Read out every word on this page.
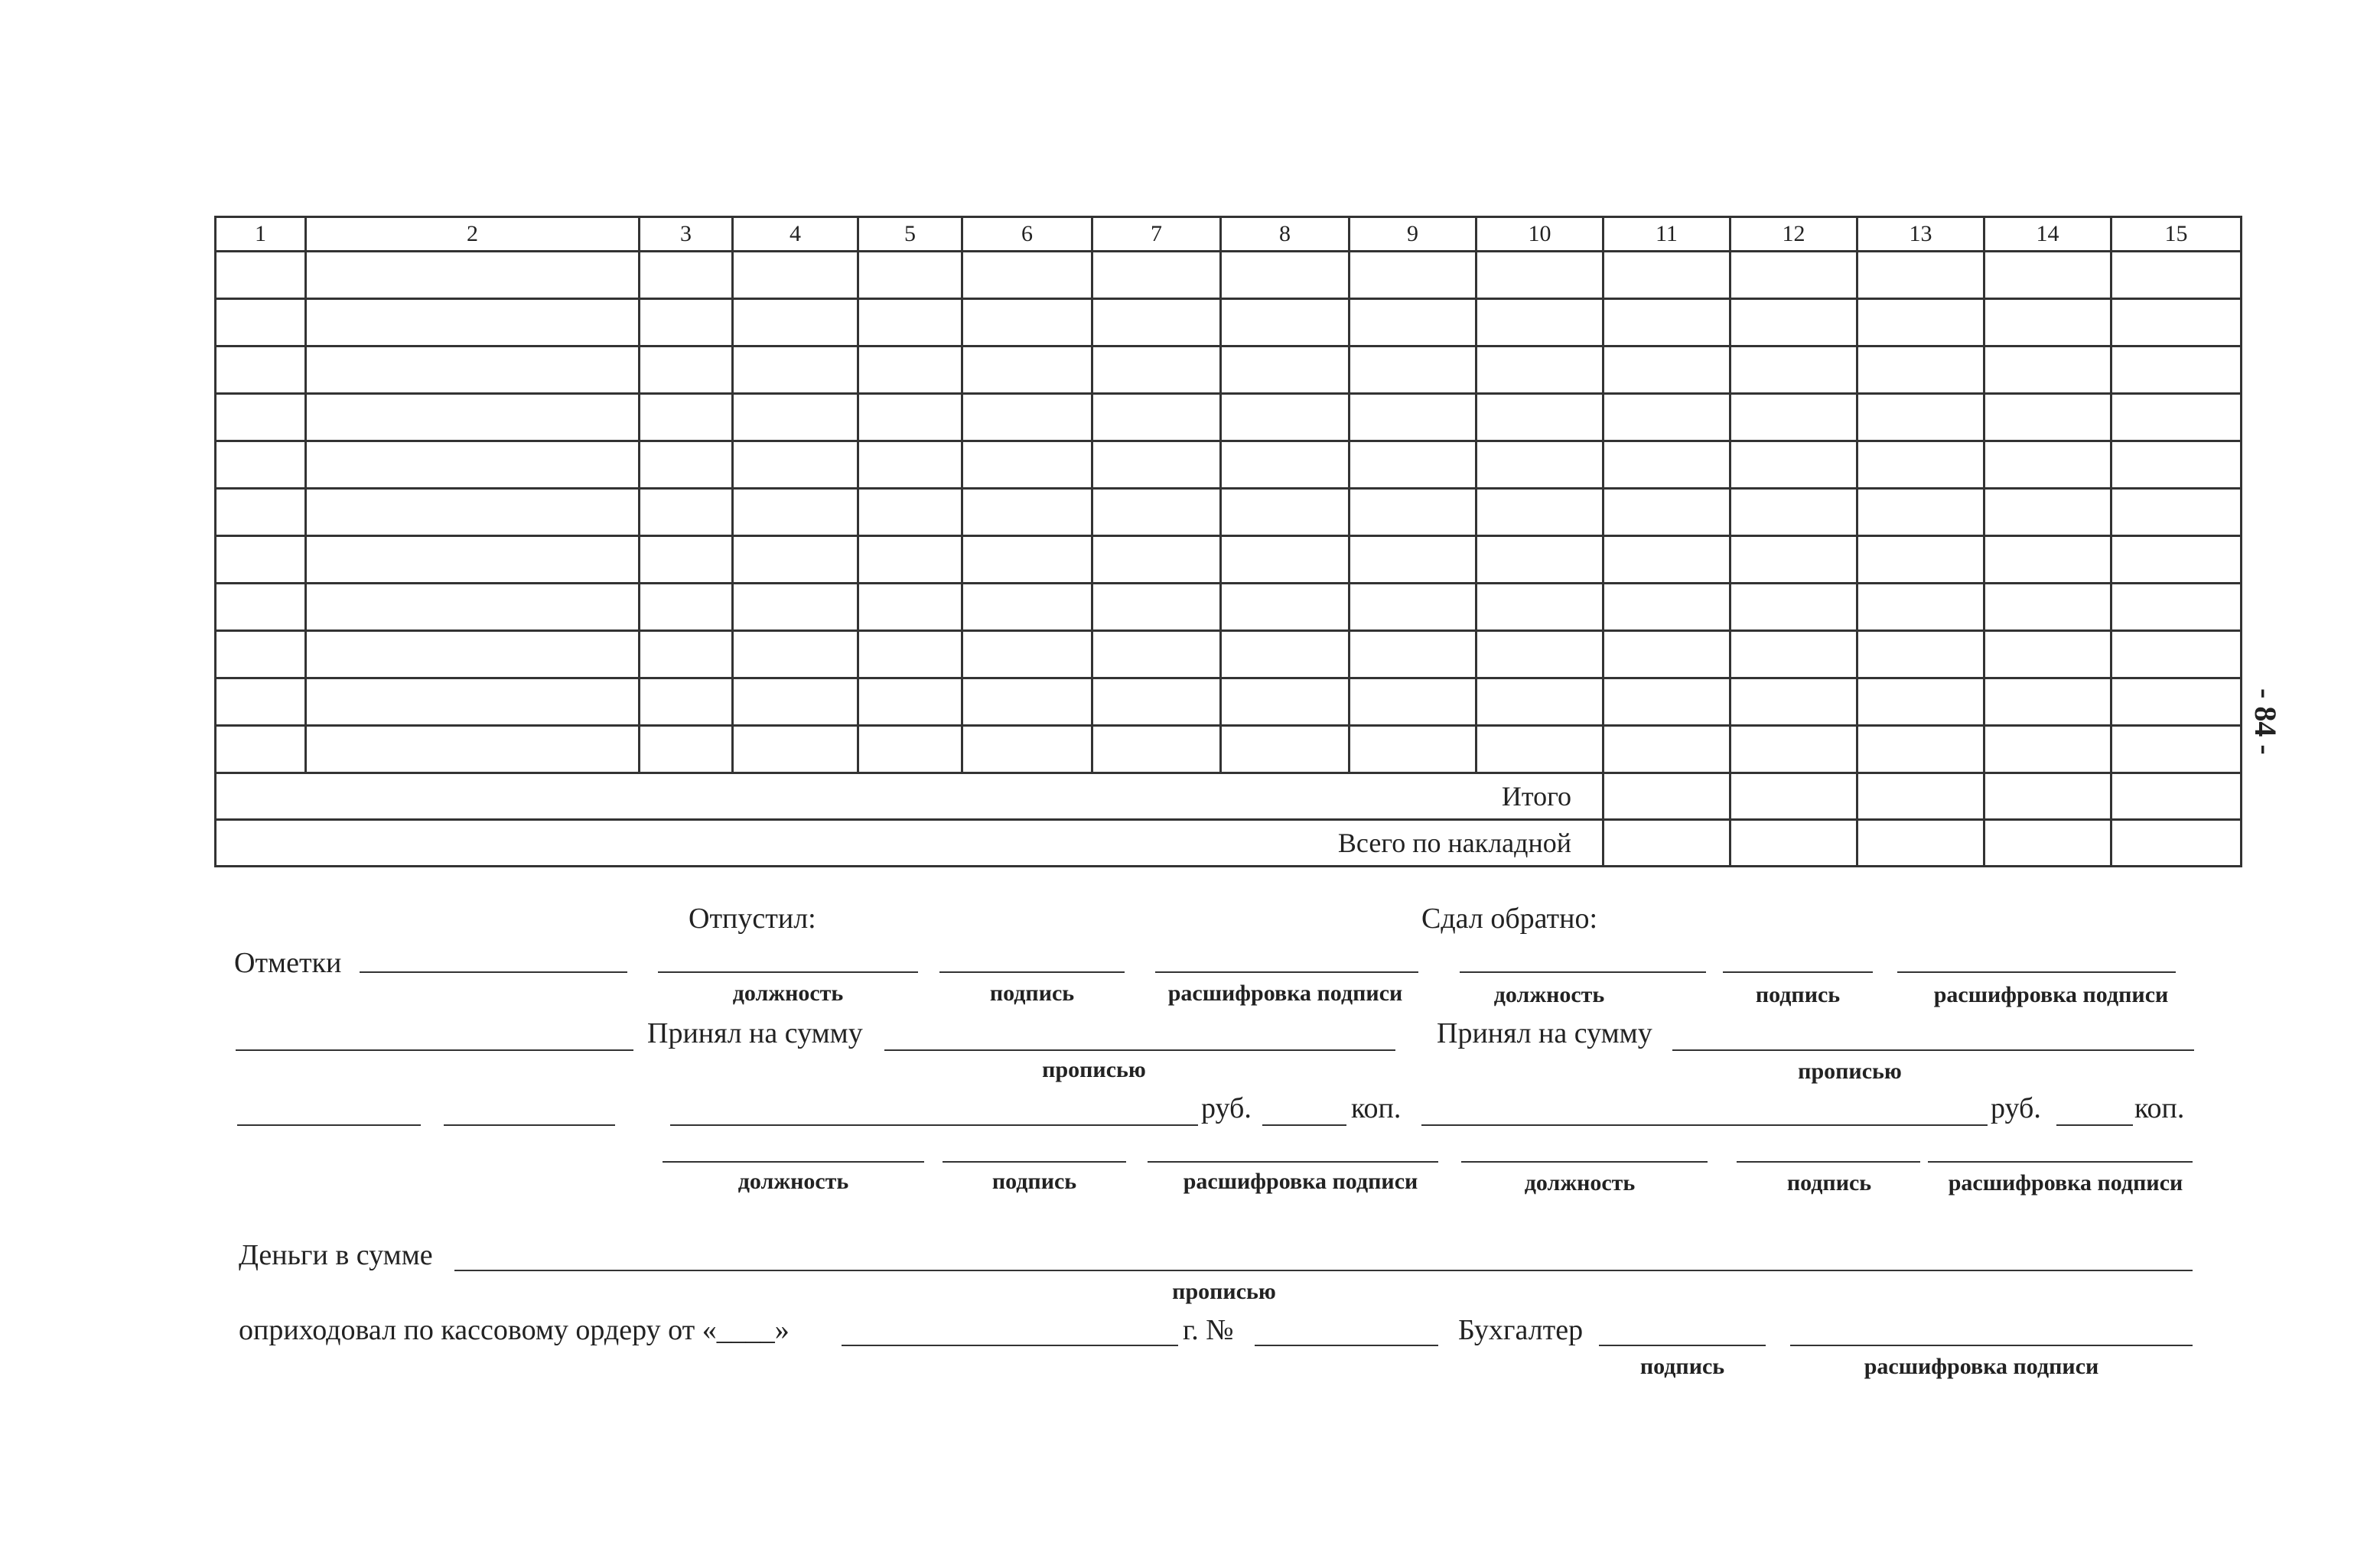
1	2	3	4	5	6	7	8	9	10	11	12	13	14	15

Итого														
Всего по накладной														
Отпустил:	Сдал обратно:
Отметки
должность	подпись	расшифровка подписи	должность	подпись	расшифровка подписи
Принял на сумму	Принял на сумму
прописью	прописью
руб.	коп.	руб.	коп.
должность	подпись	расшифровка подписи	должность	подпись	расшифровка подписи
Деньги в сумме
прописью
оприходовал по кассовому ордеру от «____»	г. №	Бухгалтер
подпись	расшифровка подписи
- 84 -
